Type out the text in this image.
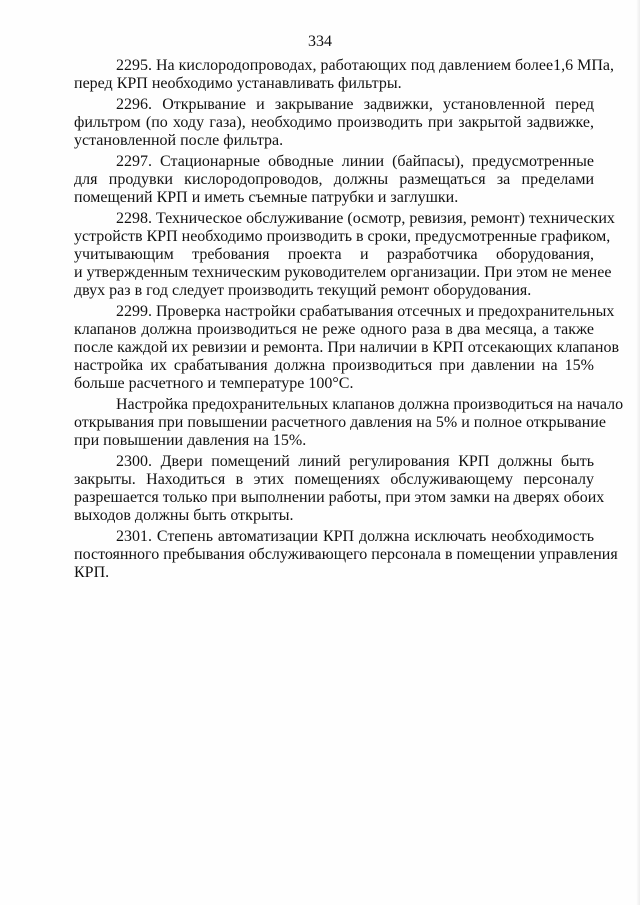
334
2295. На кислородопроводах, работающих под давлением более1,6 МПа,
перед КРП необходимо устанавливать фильтры.
2296. Открывание и закрывание задвижки, установленной перед
фильтром (по ходу газа), необходимо производить при закрытой задвижке,
установленной после фильтра.
2297. Стационарные обводные линии (байпасы), предусмотренные
для продувки кислородопроводов, должны размещаться за пределами
помещений КРП и иметь съемные патрубки и заглушки.
2298. Техническое обслуживание (осмотр, ревизия, ремонт) технических
устройств КРП необходимо производить в сроки, предусмотренные графиком,
учитывающим требования проекта и разработчика оборудования,
и утвержденным техническим руководителем организации. При этом не менее
двух раз в год следует производить текущий ремонт оборудования.
2299. Проверка настройки срабатывания отсечных и предохранительных
клапанов должна производиться не реже одного раза в два месяца, а также
после каждой их ревизии и ремонта. При наличии в КРП отсекающих клапанов
настройка их срабатывания должна производиться при давлении на 15%
больше расчетного и температуре 100°С.
Настройка предохранительных клапанов должна производиться на начало
открывания при повышении расчетного давления на 5% и полное открывание
при повышении давления на 15%.
2300. Двери помещений линий регулирования КРП должны быть
закрыты. Находиться в этих помещениях обслуживающему персоналу
разрешается только при выполнении работы, при этом замки на дверях обоих
выходов должны быть открыты.
2301. Степень автоматизации КРП должна исключать необходимость
постоянного пребывания обслуживающего персонала в помещении управления
КРП.
